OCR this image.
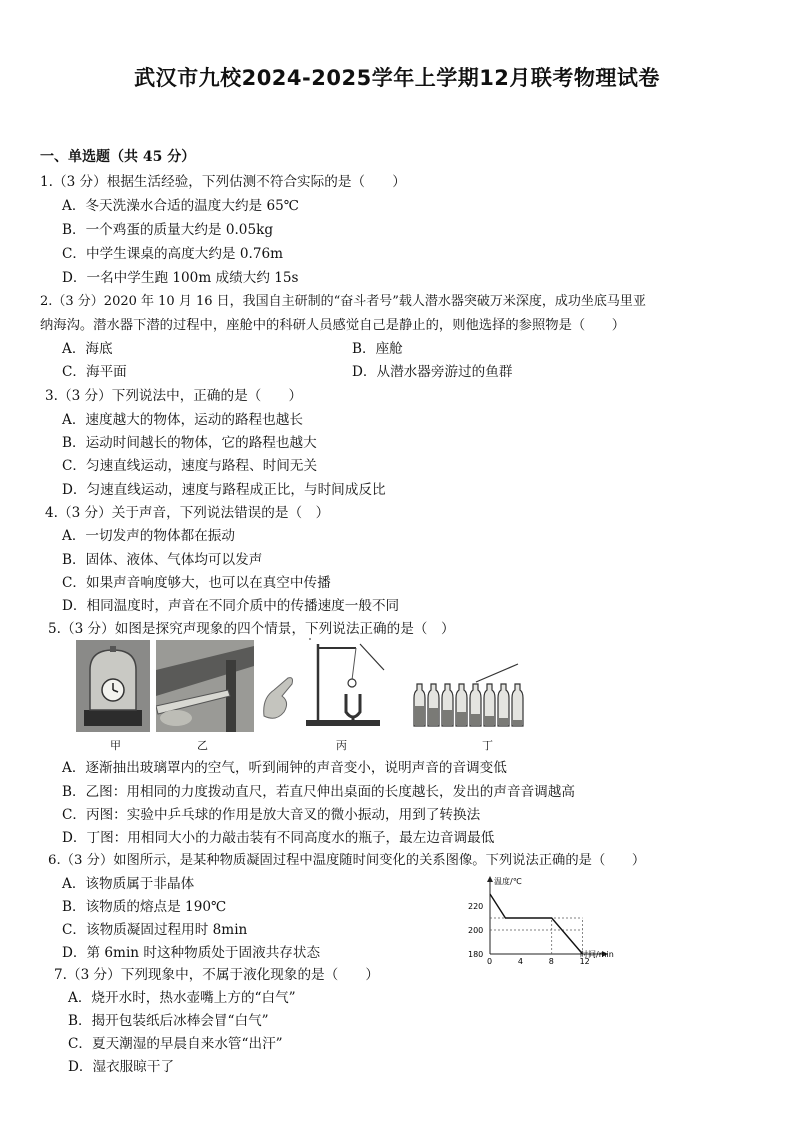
武汉市九校2024-2025学年上学期12月联考物理试卷
一、单选题（共 45 分）
1.（3 分）根据生活经验，下列估测不符合实际的是（　　）
A．冬天洗澡水合适的温度大约是 65℃
B．一个鸡蛋的质量大约是 0.05kg
C．中学生课桌的高度大约是 0.76m
D．一名中学生跑 100m 成绩大约 15s
2.（3 分）2020 年 10 月 16 日，我国自主研制的“奋斗者号”载人潜水器突破万米深度，成功坐底马里亚
纳海沟。潜水器下潜的过程中，座舱中的科研人员感觉自己是静止的，则他选择的参照物是（　　）
A．海底	B．座舱
C．海平面	D．从潜水器旁游过的鱼群
3.（3 分）下列说法中，正确的是（　　）
A．速度越大的物体，运动的路程也越长
B．运动时间越长的物体，它的路程也越大
C．匀速直线运动，速度与路程、时间无关
D．匀速直线运动，速度与路程成正比，与时间成反比
4.（3 分）关于声音，下列说法错误的是（　）
A．一切发声的物体都在振动
B．固体、液体、气体均可以发声
C．如果声音响度够大，也可以在真空中传播
D．相同温度时，声音在不同介质中的传播速度一般不同
5.（3 分）如图是探究声现象的四个情景，下列说法正确的是（　）
甲	乙	丙	丁
A．逐渐抽出玻璃罩内的空气，听到闹钟的声音变小，说明声音的音调变低
B．乙图：用相同的力度拨动直尺，若直尺伸出桌面的长度越长，发出的声音音调越高
C．丙图：实验中乒乓球的作用是放大音叉的微小振动，用到了转换法
D．丁图：用相同大小的力敲击装有不同高度水的瓶子，最左边音调最低
6.（3 分）如图所示，是某种物质凝固过程中温度随时间变化的关系图像。下列说法正确的是（　　）
A．该物质属于非晶体
B．该物质的熔点是 190℃
C．该物质凝固过程用时 8min
D．第 6min 时这种物质处于固液共存状态
温度/℃
时间/min
0	4	8	12
180
200
220
7.（3 分）下列现象中，不属于液化现象的是（　　）
A．烧开水时，热水壶嘴上方的“白气”
B．揭开包装纸后冰棒会冒“白气”
C．夏天潮湿的早晨自来水管“出汗”
D．湿衣服晾干了
